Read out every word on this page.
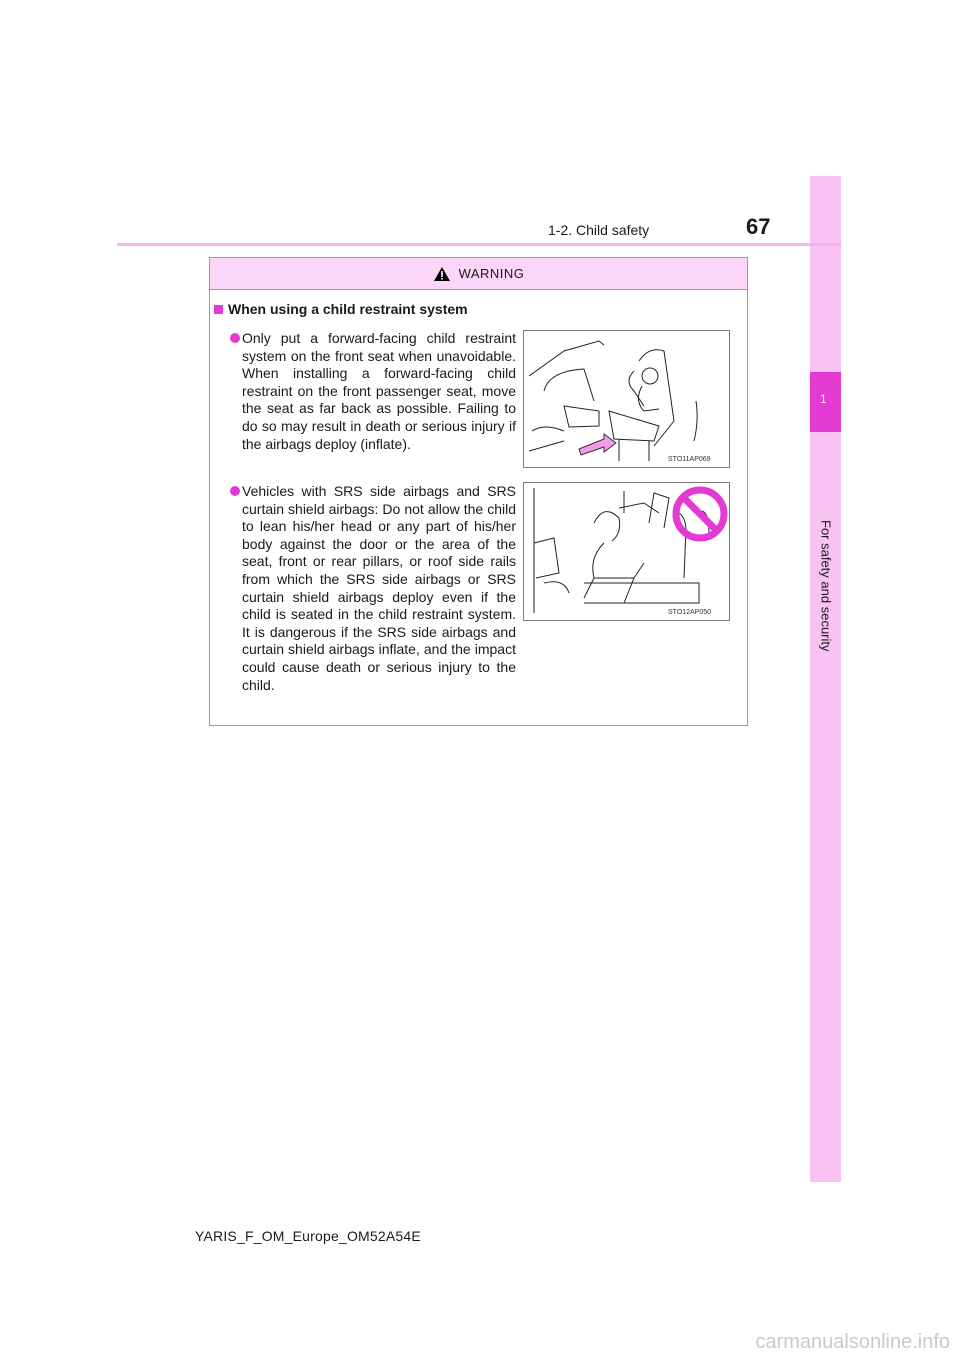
1
For safety and security
1-2. Child safety	67
WARNING
When using a child restraint system
Only put a forward-facing child restraint system on the front seat when unavoidable. When installing a forward-facing child restraint on the front passenger seat, move the seat as far back as possible. Failing to do so may result in death or serious injury if the airbags deploy (inflate).
STO11AP069
Vehicles with SRS side airbags and SRS curtain shield airbags: Do not allow the child to lean his/her head or any part of his/her body against the door or the area of the seat, front or rear pillars, or roof side rails from which the SRS side airbags or SRS curtain shield airbags deploy even if the child is seated in the child restraint system. It is dangerous if the SRS side airbags and curtain shield airbags inflate, and the impact could cause death or serious injury to the child.
STO12AP050
YARIS_F_OM_Europe_OM52A54E
carmanualsonline.info
